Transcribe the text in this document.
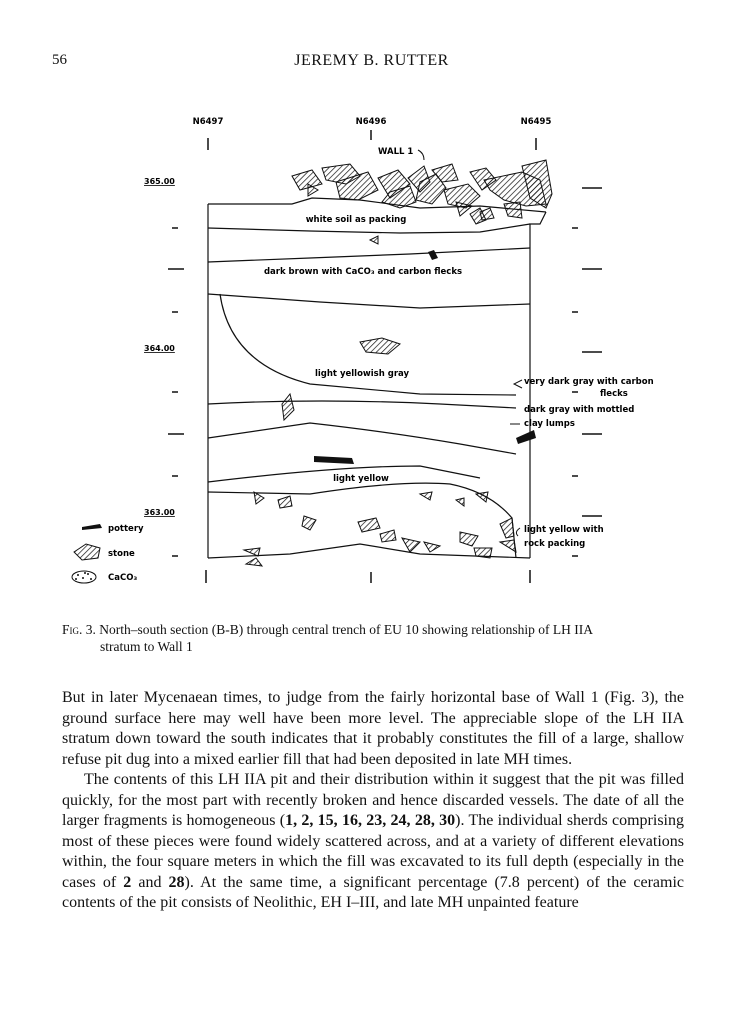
56	JEREMY B. RUTTER
N6497	N6496	N6495
WALL 1
365.00
364.00
363.00
white soil as packing
dark brown with CaCO₃ and carbon flecks
light yellowish gray
light yellow
very dark gray with carbon
flecks
dark gray with mottled
clay lumps
light yellow with
rock packing
pottery
stone
CaCO₃
Fig. 3. North–south section (B-B) through central trench of EU 10 showing relationship of LH IIA
stratum to Wall 1

But in later Mycenaean times, to judge from the fairly horizontal base of Wall 1 (Fig. 3), the ground surface here may well have been more level. The appreciable slope of the LH IIA stratum down toward the south indicates that it probably constitutes the fill of a large, shallow refuse pit dug into a mixed earlier fill that had been deposited in late MH times.

The contents of this LH IIA pit and their distribution within it suggest that the pit was filled quickly, for the most part with recently broken and hence discarded vessels. The date of all the larger fragments is homogeneous (1, 2, 15, 16, 23, 24, 28, 30). The individual sherds comprising most of these pieces were found widely scattered across, and at a variety of different elevations within, the four square meters in which the fill was excavated to its full depth (especially in the cases of 2 and 28). At the same time, a significant percentage (7.8 percent) of the ceramic contents of the pit consists of Neolithic, EH I–III, and late MH unpainted feature
